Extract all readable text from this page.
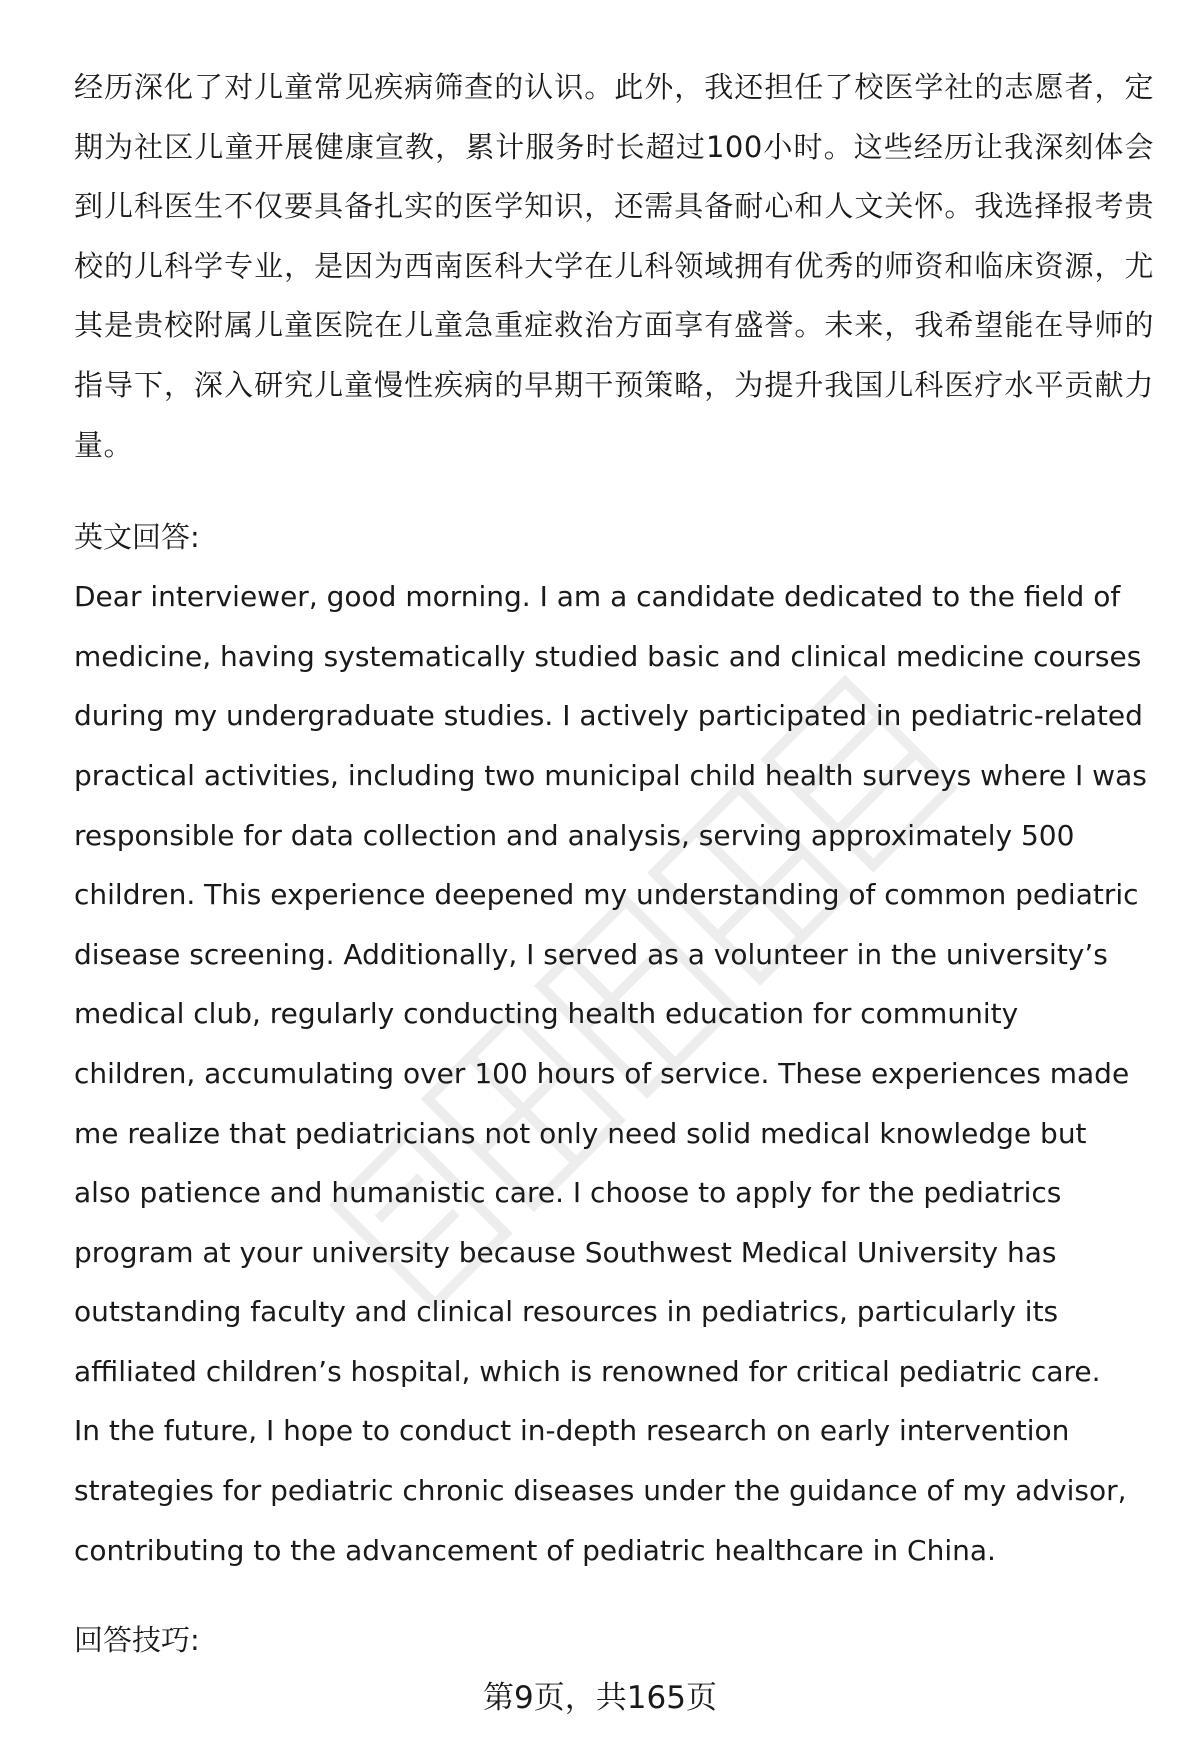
经历深化了对儿童常见疾病筛查的认识。此外，我还担任了校医学社的志愿者，定期为社区儿童开展健康宣教，累计服务时长超过100小时。这些经历让我深刻体会到儿科医生不仅要具备扎实的医学知识，还需具备耐心和人文关怀。我选择报考贵校的儿科学专业，是因为西南医科大学在儿科领域拥有优秀的师资和临床资源，尤其是贵校附属儿童医院在儿童急重症救治方面享有盛誉。未来，我希望能在导师的指导下，深入研究儿童慢性疾病的早期干预策略，为提升我国儿科医疗水平贡献力量。

英文回答:

Dear interviewer, good morning. I am a candidate dedicated to the field of
medicine, having systematically studied basic and clinical medicine courses
during my undergraduate studies. I actively participated in pediatric-related
practical activities, including two municipal child health surveys where I was
responsible for data collection and analysis, serving approximately 500
children. This experience deepened my understanding of common pediatric
disease screening. Additionally, I served as a volunteer in the university’s
medical club, regularly conducting health education for community
children, accumulating over 100 hours of service. These experiences made
me realize that pediatricians not only need solid medical knowledge but
also patience and humanistic care. I choose to apply for the pediatrics
program at your university because Southwest Medical University has
outstanding faculty and clinical resources in pediatrics, particularly its
affiliated children’s hospital, which is renowned for critical pediatric care.
In the future, I hope to conduct in-depth research on early intervention
strategies for pediatric chronic diseases under the guidance of my advisor,
contributing to the advancement of pediatric healthcare in China.

回答技巧:

第9页，共165页
